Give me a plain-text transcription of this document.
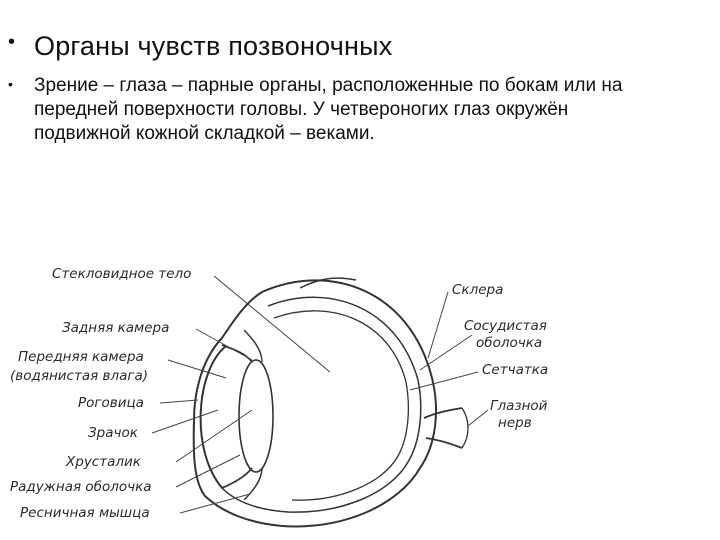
• Органы чувств позвоночных
•	Зрение – глаза – парные органы, расположенные по бокам или на передней поверхности головы. У четвероногих глаз окружён подвижной кожной складкой – веками.
Стекловидное тело
Задняя камера
Передняя камера
(водянистая влага)
Роговица
Зрачок
Хрусталик
Радужная оболочка
Ресничная мышца
Склера
Сосудистая
оболочка
Сетчатка
Глазной
нерв
